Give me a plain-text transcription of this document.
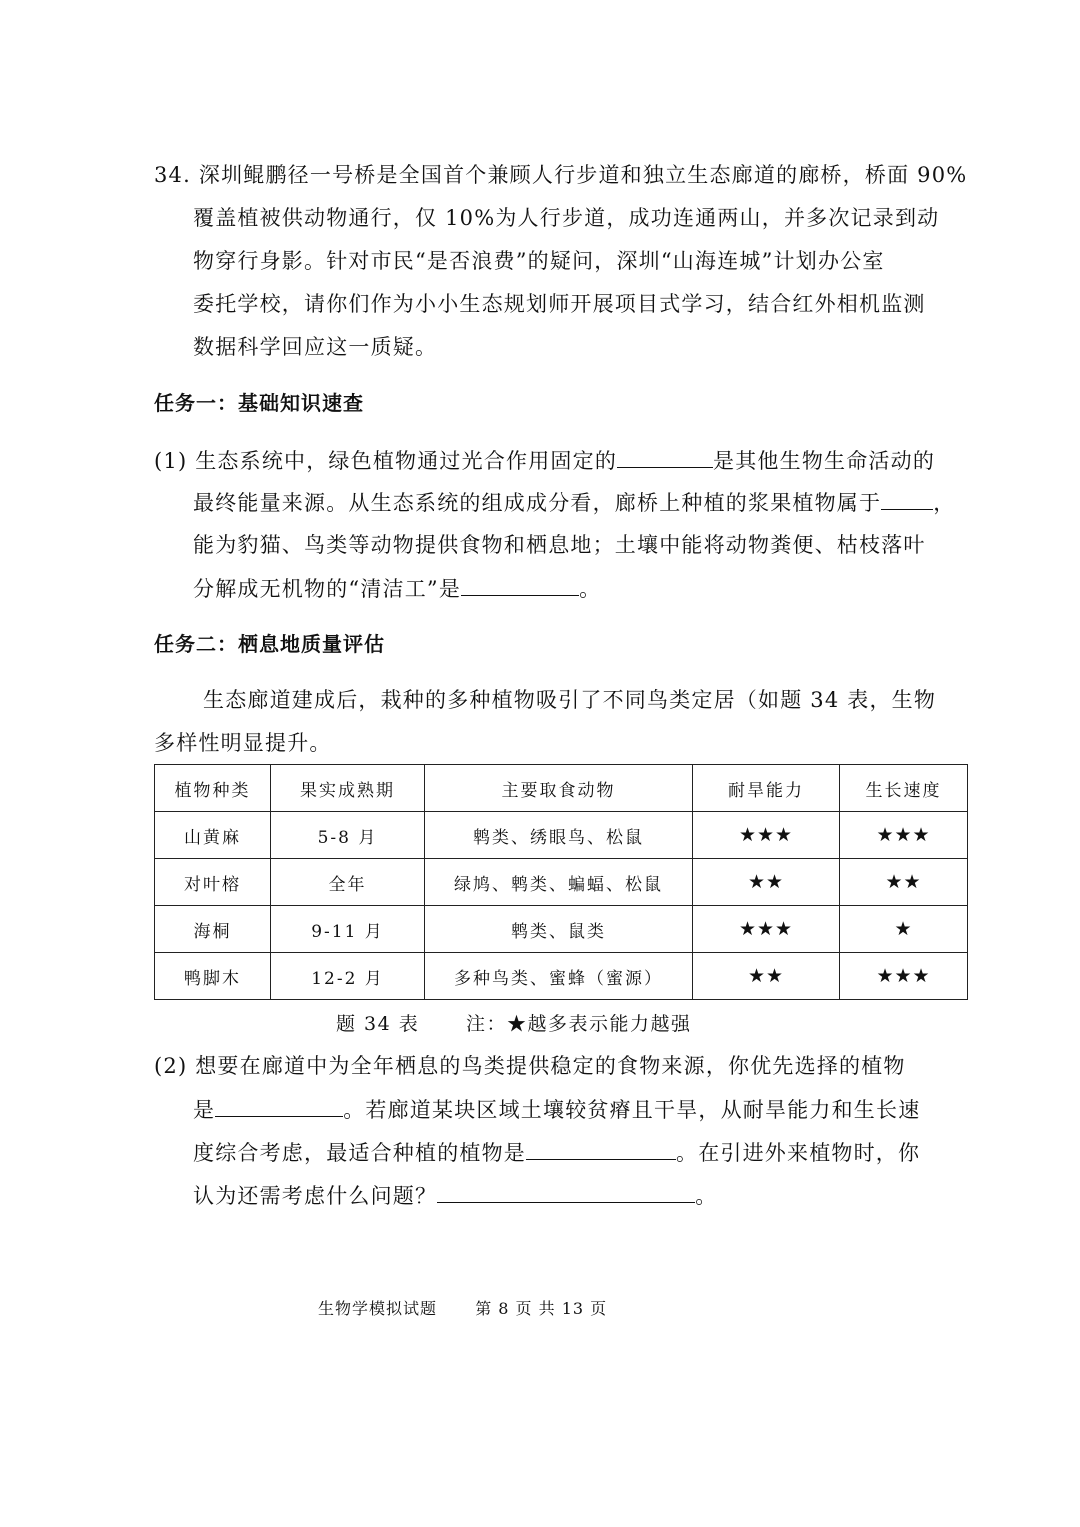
34. 深圳鲲鹏径一号桥是全国首个兼顾人行步道和独立生态廊道的廊桥，桥面 90%
覆盖植被供动物通行，仅 10%为人行步道，成功连通两山，并多次记录到动
物穿行身影。针对市民“是否浪费”的疑问，深圳“山海连城”计划办公室
委托学校，请你们作为小小生态规划师开展项目式学习，结合红外相机监测
数据科学回应这一质疑。
任务一：基础知识速查
(1) 生态系统中，绿色植物通过光合作用固定的	是其他生物生命活动的
最终能量来源。从生态系统的组成成分看，廊桥上种植的浆果植物属于 ，
能为豹猫、鸟类等动物提供食物和栖息地；土壤中能将动物粪便、枯枝落叶
分解成无机物的“清洁工”是	。
任务二：栖息地质量评估
生态廊道建成后，栽种的多种植物吸引了不同鸟类定居（如题 34 表，生物
多样性明显提升。
植物种类	果实成熟期	主要取食动物	耐旱能力	生长速度
山黄麻	5-8 月	鹎类、绣眼鸟、松鼠	★★★	★★★
对叶榕	全年	绿鸠、鹎类、蝙蝠、松鼠	★★	★★
海桐	9-11 月	鹎类、鼠类	★★★	★
鸭脚木	12-2 月	多种鸟类、蜜蜂（蜜源）	★★	★★★
题 34 表 注：★越多表示能力越强
(2) 想要在廊道中为全年栖息的鸟类提供稳定的食物来源，你优先选择的植物
是	。若廊道某块区域土壤较贫瘠且干旱，从耐旱能力和生长速
度综合考虑，最适合种植的植物是	。在引进外来植物时，你
认为还需考虑什么问题？	。
生物学模拟试题 第 8 页 共 13 页
